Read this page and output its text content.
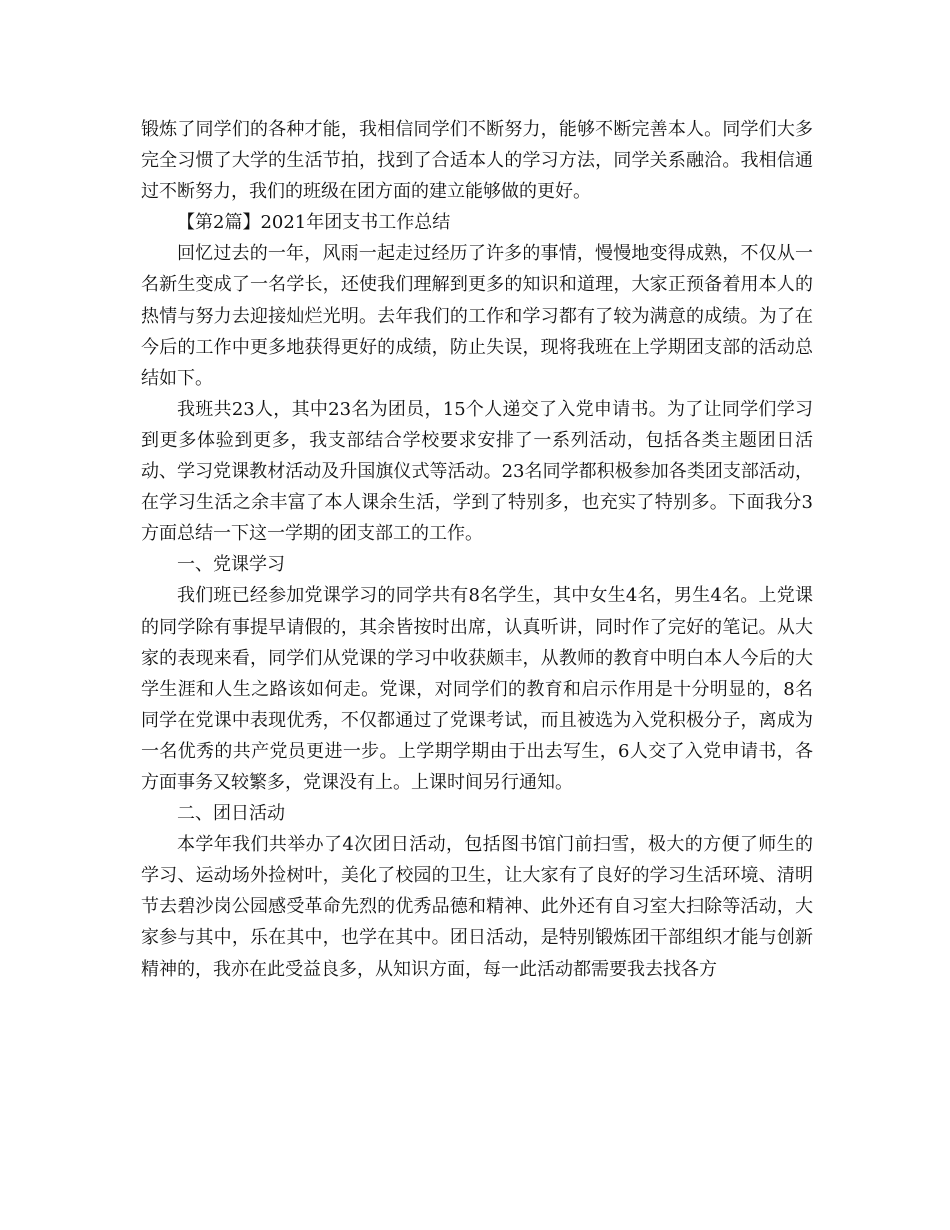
锻炼了同学们的各种才能，我相信同学们不断努力，能够不断完善本人。同学们大多完全习惯了大学的生活节拍，找到了合适本人的学习方法，同学关系融洽。我相信通过不断努力，我们的班级在团方面的建立能够做的更好。

【第2篇】2021年团支书工作总结

回忆过去的一年，风雨一起走过经历了许多的事情，慢慢地变得成熟，不仅从一名新生变成了一名学长，还使我们理解到更多的知识和道理，大家正预备着用本人的热情与努力去迎接灿烂光明。去年我们的工作和学习都有了较为满意的成绩。为了在今后的工作中更多地获得更好的成绩，防止失误，现将我班在上学期团支部的活动总结如下。

我班共23人，其中23名为团员，15个人递交了入党申请书。为了让同学们学习到更多体验到更多，我支部结合学校要求安排了一系列活动，包括各类主题团日活动、学习党课教材活动及升国旗仪式等活动。23名同学都积极参加各类团支部活动，在学习生活之余丰富了本人课余生活，学到了特别多，也充实了特别多。下面我分3方面总结一下这一学期的团支部工的工作。

一、党课学习

我们班已经参加党课学习的同学共有8名学生，其中女生4名，男生4名。上党课的同学除有事提早请假的，其余皆按时出席，认真听讲，同时作了完好的笔记。从大家的表现来看，同学们从党课的学习中收获颇丰，从教师的教育中明白本人今后的大学生涯和人生之路该如何走。党课，对同学们的教育和启示作用是十分明显的，8名同学在党课中表现优秀，不仅都通过了党课考试，而且被选为入党积极分子，离成为一名优秀的共产党员更进一步。上学期学期由于出去写生，6人交了入党申请书，各方面事务又较繁多，党课没有上。上课时间另行通知。

二、团日活动

本学年我们共举办了4次团日活动，包括图书馆门前扫雪，极大的方便了师生的学习、运动场外捡树叶，美化了校园的卫生，让大家有了良好的学习生活环境、清明节去碧沙岗公园感受革命先烈的优秀品德和精神、此外还有自习室大扫除等活动，大家参与其中，乐在其中，也学在其中。团日活动，是特别锻炼团干部组织才能与创新精神的，我亦在此受益良多，从知识方面，每一此活动都需要我去找各方
